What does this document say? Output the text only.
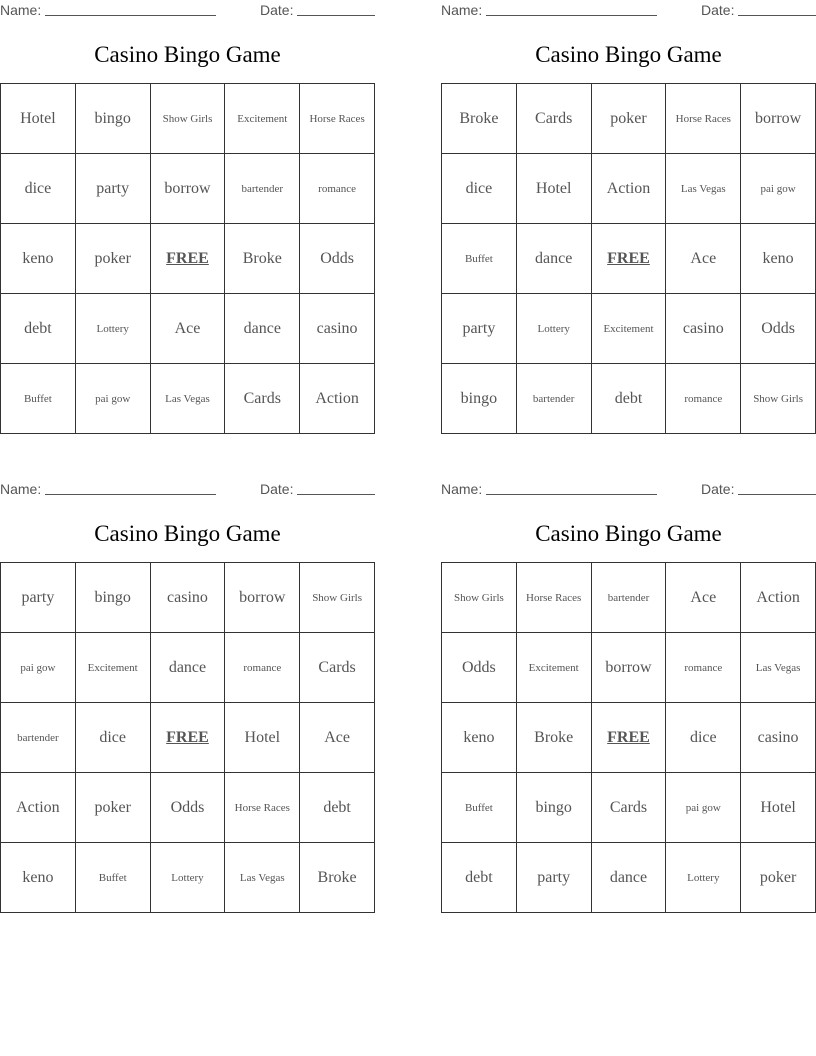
Name:	Date:
Casino Bingo Game
Hotel	bingo	Show Girls	Excitement	Horse Races
dice	party	borrow	bartender	romance
keno	poker	FREE	Broke	Odds
debt	Lottery	Ace	dance	casino
Buffet	pai gow	Las Vegas	Cards	Action
Name:	Date:
Casino Bingo Game
Broke	Cards	poker	Horse Races	borrow
dice	Hotel	Action	Las Vegas	pai gow
Buffet	dance	FREE	Ace	keno
party	Lottery	Excitement	casino	Odds
bingo	bartender	debt	romance	Show Girls
Name:	Date:
Casino Bingo Game
party	bingo	casino	borrow	Show Girls
pai gow	Excitement	dance	romance	Cards
bartender	dice	FREE	Hotel	Ace
Action	poker	Odds	Horse Races	debt
keno	Buffet	Lottery	Las Vegas	Broke
Name:	Date:
Casino Bingo Game
Show Girls	Horse Races	bartender	Ace	Action
Odds	Excitement	borrow	romance	Las Vegas
keno	Broke	FREE	dice	casino
Buffet	bingo	Cards	pai gow	Hotel
debt	party	dance	Lottery	poker
